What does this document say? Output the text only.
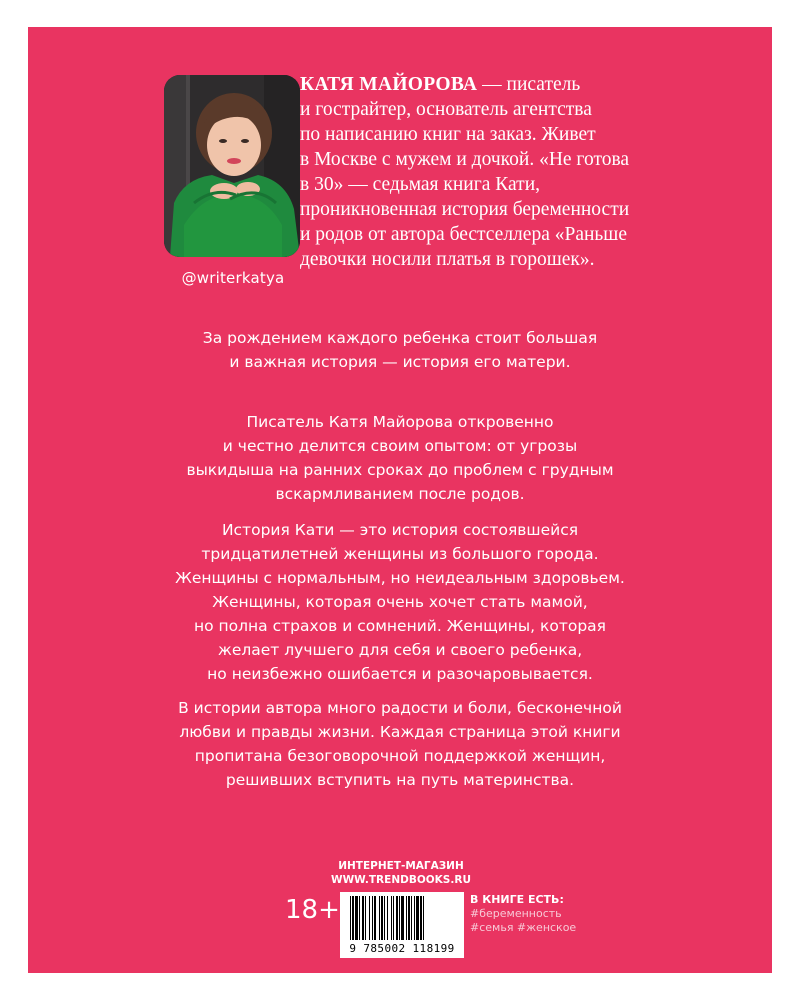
@writerkatya

КАТЯ МАЙОРОВА — писатель
и гострайтер, основатель агентства
по написанию книг на заказ. Живет
в Москве с мужем и дочкой. «Не готова
в 30» — седьмая книга Кати,
проникновенная история беременности
и родов от автора бестселлера «Раньше
девочки носили платья в горошек».

За рождением каждого ребенка стоит большая
и важная история — история его матери.

Писатель Катя Майорова откровенно
и честно делится своим опытом: от угрозы
выкидыша на ранних сроках до проблем с грудным
вскармливанием после родов.

История Кати — это история состоявшейся
тридцатилетней женщины из большого города.
Женщины с нормальным, но неидеальным здоровьем.
Женщины, которая очень хочет стать мамой,
но полна страхов и сомнений. Женщины, которая
желает лучшего для себя и своего ребенка,
но неизбежно ошибается и разочаровывается.

В истории автора много радости и боли, бесконечной
любви и правды жизни. Каждая страница этой книги
пропитана безоговорочной поддержкой женщин,
решивших вступить на путь материнства.

ИНТЕРНЕТ-МАГАЗИН
WWW.TRENDBOOKS.RU
18+
9 785002 118199
В КНИГЕ ЕСТЬ:
#беременность
#семья #женское
